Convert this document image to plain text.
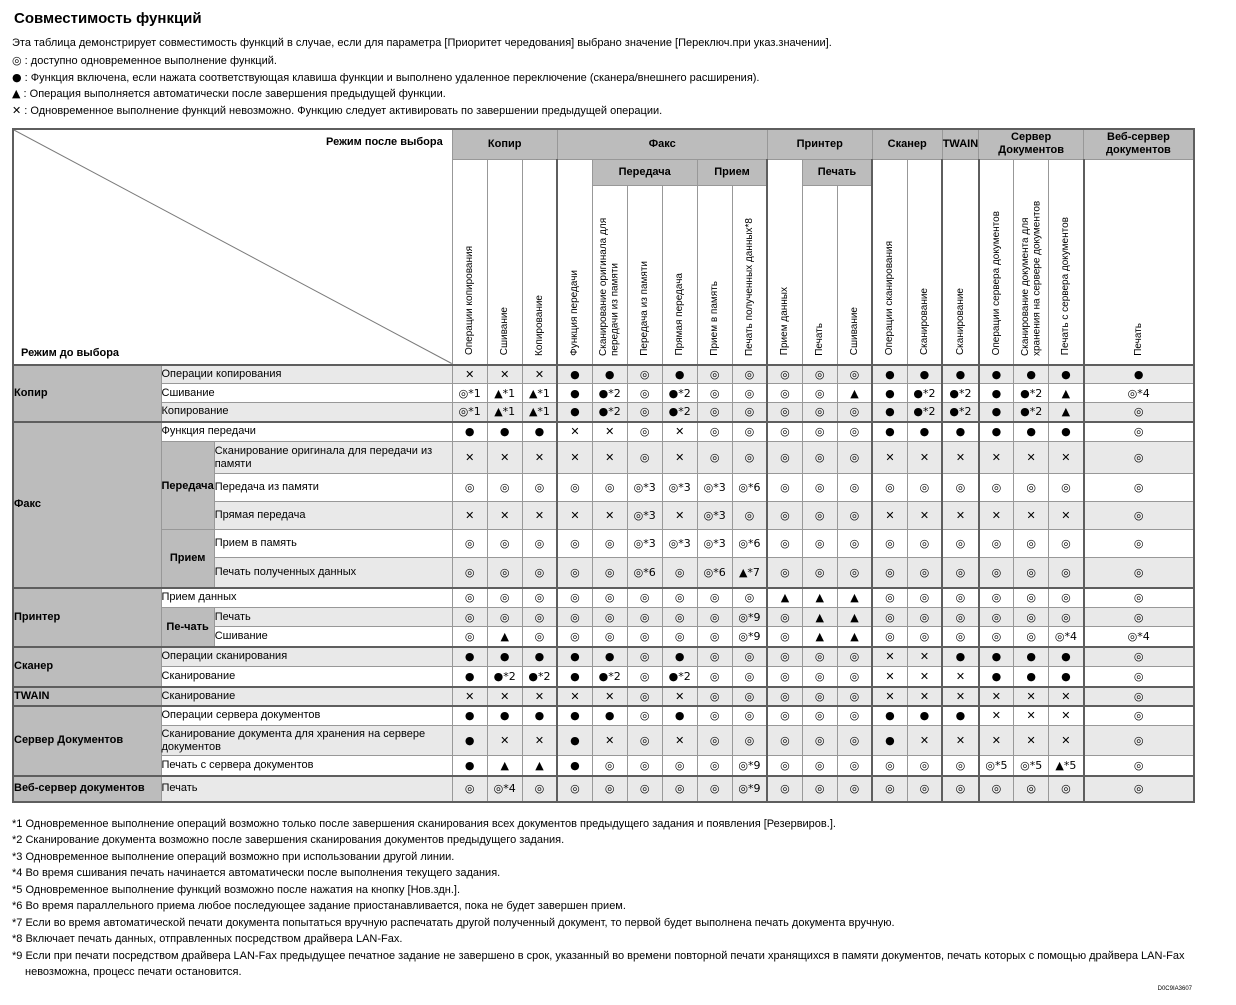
Совместимость функций
Эта таблица демонстрирует совместимость функций в случае, если для параметра [Приоритет чередования] выбрано значение [Переключ.при указ.значении].
◎ : доступно одновременное выполнение функций.
● : Функция включена, если нажата соответствующая клавиша функции и выполнено удаленное переключение (сканера/внешнего расширения).
▲ : Операция выполняется автоматически после завершения предыдущей функции.
✕ : Одновременное выполнение функций невозможно. Функцию следует активировать по завершении предыдущей операции.
Режим после выбора
Режим до выбора			Копир			Факс						Принтер			Сканер		TWAIN	Сервер Документов			Веб-сервер документов
			Операции копирования	Сшивание	Копирование	Функция передачи	Передача			Прием		Прием данных	Печать		Операции сканирования	Сканирование	Сканирование	Операции сервера документов	Сканирование документа для хранения на сервере документов	Печать с сервера документов	Печать
							Сканирование оригинала для передачи из памяти	Передача из памяти	Прямая передача	Прием в память	Печать полученных данных*8		Печать	Сшивание							
Копир	Операции копирования		✕	✕	✕	●	●	◎	●	◎	◎	◎	◎	◎	●	●	●	●	●	●	●
	Сшивание		◎*1	▲*1	▲*1	●	●*2	◎	●*2	◎	◎	◎	◎	▲	●	●*2	●*2	●	●*2	▲	◎*4
	Копирование		◎*1	▲*1	▲*1	●	●*2	◎	●*2	◎	◎	◎	◎	◎	●	●*2	●*2	●	●*2	▲	◎
Факс	Функция передачи		●	●	●	✕	✕	◎	✕	◎	◎	◎	◎	◎	●	●	●	●	●	●	◎
	Передача	Сканирование оригинала для передачи из памяти	✕	✕	✕	✕	✕	◎	✕	◎	◎	◎	◎	◎	✕	✕	✕	✕	✕	✕	◎
		Передача из памяти	◎	◎	◎	◎	◎	◎*3	◎*3	◎*3	◎*6	◎	◎	◎	◎	◎	◎	◎	◎	◎	◎
		Прямая передача	✕	✕	✕	✕	✕	◎*3	✕	◎*3	◎	◎	◎	◎	✕	✕	✕	✕	✕	✕	◎
	Прием	Прием в память	◎	◎	◎	◎	◎	◎*3	◎*3	◎*3	◎*6	◎	◎	◎	◎	◎	◎	◎	◎	◎	◎
		Печать полученных данных	◎	◎	◎	◎	◎	◎*6	◎	◎*6	▲*7	◎	◎	◎	◎	◎	◎	◎	◎	◎	◎
Принтер	Прием данных		◎	◎	◎	◎	◎	◎	◎	◎	◎	▲	▲	▲	◎	◎	◎	◎	◎	◎	◎
	Пе-чать	Печать	◎	◎	◎	◎	◎	◎	◎	◎	◎*9	◎	▲	▲	◎	◎	◎	◎	◎	◎	◎
		Сшивание	◎	▲	◎	◎	◎	◎	◎	◎	◎*9	◎	▲	▲	◎	◎	◎	◎	◎	◎*4	◎*4
Сканер	Операции сканирования		●	●	●	●	●	◎	●	◎	◎	◎	◎	◎	✕	✕	●	●	●	●	◎
	Сканирование		●	●*2	●*2	●	●*2	◎	●*2	◎	◎	◎	◎	◎	✕	✕	✕	●	●	●	◎
TWAIN	Сканирование		✕	✕	✕	✕	✕	◎	✕	◎	◎	◎	◎	◎	✕	✕	✕	✕	✕	✕	◎
Сервер Документов	Операции сервера документов		●	●	●	●	●	◎	●	◎	◎	◎	◎	◎	●	●	●	✕	✕	✕	◎
	Сканирование документа для хранения на сервере документов		●	✕	✕	●	✕	◎	✕	◎	◎	◎	◎	◎	●	✕	✕	✕	✕	✕	◎
	Печать с сервера документов		●	▲	▲	●	◎	◎	◎	◎	◎*9	◎	◎	◎	◎	◎	◎	◎*5	◎*5	▲*5	◎
Веб-сервер документов	Печать		◎	◎*4	◎	◎	◎	◎	◎	◎	◎*9	◎	◎	◎	◎	◎	◎	◎	◎	◎	◎
*1 Одновременное выполнение операций возможно только после завершения сканирования всех документов предыдущего задания и появления [Резервиров.].
*2 Сканирование документа возможно после завершения сканирования документов предыдущего задания.
*3 Одновременное выполнение операций возможно при использовании другой линии.
*4 Во время сшивания печать начинается автоматически после выполнения текущего задания.
*5 Одновременное выполнение функций возможно после нажатия на кнопку [Нов.здн.].
*6 Во время параллельного приема любое последующее задание приостанавливается, пока не будет завершен прием.
*7 Если во время автоматической печати документа попытаться вручную распечатать другой полученный документ, то первой будет выполнена печать документа вручную.
*8 Включает печать данных, отправленных посредством драйвера LAN-Fax.
*9 Если при печати посредством драйвера LAN-Fax предыдущее печатное задание не завершено в срок, указанный во времени повторной печати хранящихся в памяти документов, печать которых с помощью драйвера LAN-Fax невозможна, процесс печати остановится.
D0C9IA3607
